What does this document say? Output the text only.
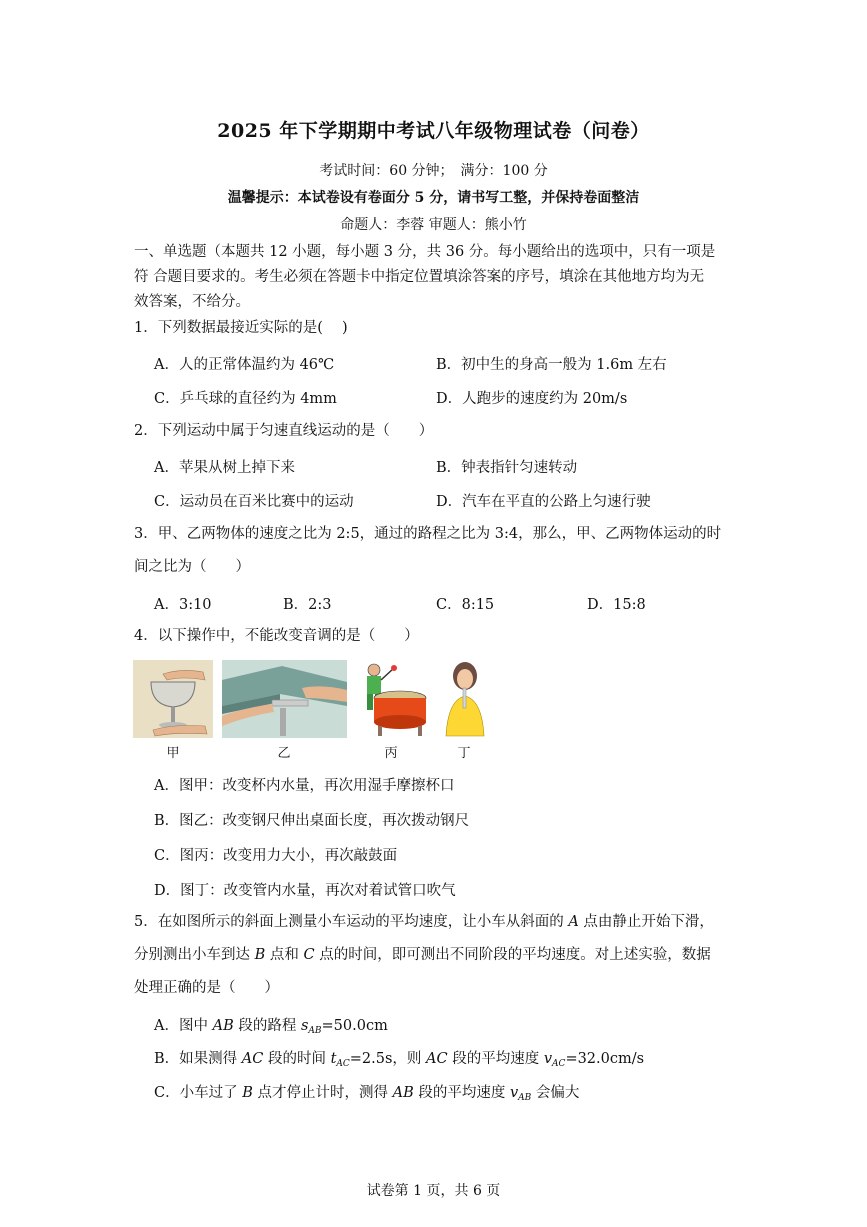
2025 年下学期期中考试八年级物理试卷（问卷）
考试时间：60 分钟；　满分：100 分
温馨提示：本试卷设有卷面分 5 分，请书写工整，并保持卷面整洁
命题人：李蓉 审题人：熊小竹
一、单选题（本题共 12 小题，每小题 3 分，共 36 分。每小题给出的选项中，只有一项是
符 合题目要求的。考生必须在答题卡中指定位置填涂答案的序号，填涂在其他地方均为无
效答案，不给分。
1．下列数据最接近实际的是(　 )
A．人的正常体温约为 46℃	B．初中生的身高一般为 1.6m 左右
C．乒乓球的直径约为 4mm	D．人跑步的速度约为 20m/s
2．下列运动中属于匀速直线运动的是（　　）
A．苹果从树上掉下来	B．钟表指针匀速转动
C．运动员在百米比赛中的运动	D．汽车在平直的公路上匀速行驶
3．甲、乙两物体的速度之比为 2:5，通过的路程之比为 3:4，那么，甲、乙两物体运动的时
间之比为（　　）
A．3:10	B．2:3	C．8:15	D．15:8
4．以下操作中，不能改变音调的是（　　）
甲	乙	丙	丁
A．图甲：改变杯内水量，再次用湿手摩擦杯口
B．图乙：改变钢尺伸出桌面长度，再次拨动钢尺
C．图丙：改变用力大小，再次敲鼓面
D．图丁：改变管内水量，再次对着试管口吹气
5．在如图所示的斜面上测量小车运动的平均速度，让小车从斜面的 A 点由静止开始下滑，
分别测出小车到达 B 点和 C 点的时间，即可测出不同阶段的平均速度。对上述实验，数据
处理正确的是（　　）
A．图中 AB 段的路程 $s_{AB}=50.0cm$
B．如果测得 AC 段的时间 $t_{AC}=2.5s$，则 AC 段的平均速度 $v_{AC}=32.0cm/s$
C．小车过了 B 点才停止计时，测得 AB 段的平均速度 $v_{AB}$ 会偏大
试卷第 1 页，共 6 页
